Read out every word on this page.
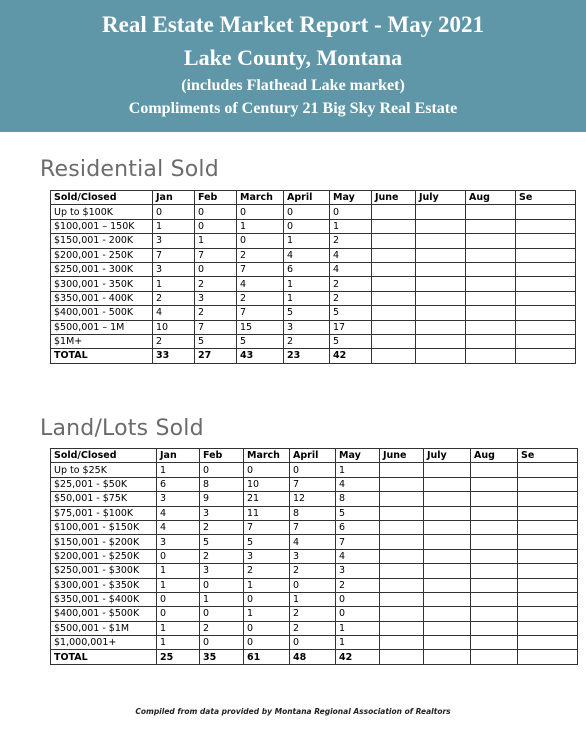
Real Estate Market Report - May 2021
Lake County, Montana
(includes Flathead Lake market)
Compliments of Century 21 Big Sky Real Estate
Residential Sold
Sold/Closed	Jan	Feb	March	April	May	June	July	Aug	Se
Up to $100K	0	0	0	0	0				
$100,001 – 150K	1	0	1	0	1				
$150,001 - 200K	3	1	0	1	2				
$200,001 - 250K	7	7	2	4	4				
$250,001 - 300K	3	0	7	6	4				
$300,001 - 350K	1	2	4	1	2				
$350,001 - 400K	2	3	2	1	2				
$400,001 - 500K	4	2	7	5	5				
$500,001 – 1M	10	7	15	3	17				
$1M+	2	5	5	2	5				
TOTAL	33	27	43	23	42				
Land/Lots Sold
Sold/Closed	Jan	Feb	March	April	May	June	July	Aug	Se
Up to $25K	1	0	0	0	1				
$25,001 - $50K	6	8	10	7	4				
$50,001 - $75K	3	9	21	12	8				
$75,001 - $100K	4	3	11	8	5				
$100,001 - $150K	4	2	7	7	6				
$150,001 - $200K	3	5	5	4	7				
$200,001 - $250K	0	2	3	3	4				
$250,001 - $300K	1	3	2	2	3				
$300,001 - $350K	1	0	1	0	2				
$350,001 - $400K	0	1	0	1	0				
$400,001 - $500K	0	0	1	2	0				
$500,001 - $1M	1	2	0	2	1				
$1,000,001+	1	0	0	0	1				
TOTAL	25	35	61	48	42				
Compiled from data provided by Montana Regional Association of Realtors
